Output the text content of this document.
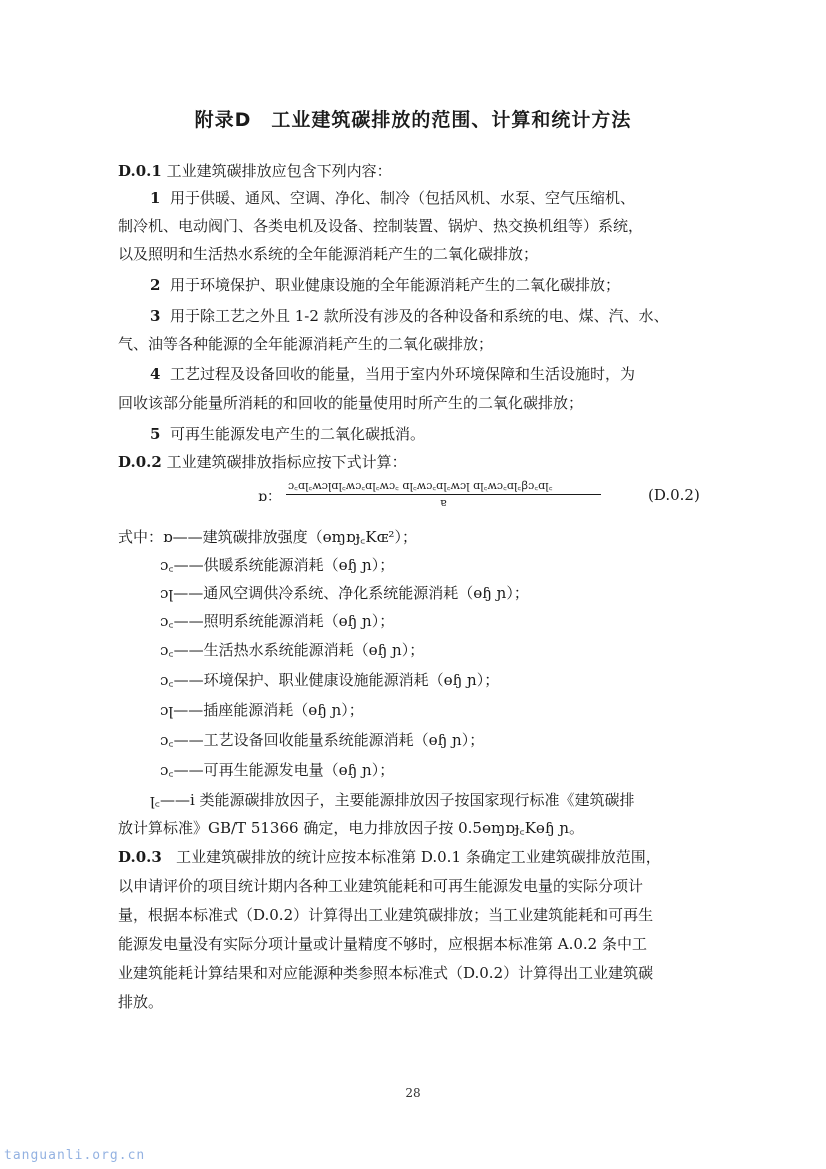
附录D　工业建筑碳排放的范围、计算和统计方法
D.0.1 工业建筑碳排放应包含下列内容：
1 用于供暖、通风、空调、净化、制冷（包括风机、水泵、空气压缩机、
制冷机、电动阀门、各类电机及设备、控制装置、锅炉、热交换机组等）系统，
以及照明和生活热水系统的全年能源消耗产生的二氧化碳排放；
2 用于环境保护、职业健康设施的全年能源消耗产生的二氧化碳排放；
3 用于除工艺之外且 1-2 款所没有涉及的各种设备和系统的电、煤、汽、水、
气、油等各种能源的全年能源消耗产生的二氧化碳排放；
4 工艺过程及设备回收的能量，当用于室内外环境保障和生活设施时，为
回收该部分能量所消耗的和回收的能量使用时所产生的二氧化碳排放；
5 可再生能源发电产生的二氧化碳抵消。
D.0.2 工业建筑碳排放指标应按下式计算：
ɒ：
ɔ꜀ɑꞁ꜀ʍɔꞁɑꞁ꜀ʍɔ꜀ɑꞁ꜀ʍɔ꜀ ɑꞁ꜀ʍɔ꜀ɑꞁ꜀ʍɔꞁ ɑꞁ꜀ʍɔ꜀ɑꞁ꜀ꞵɔ꜀ɑꞁ꜀
ɐ	(D.0.2)
式中：ɒ——建筑碳排放强度（ɵɱɒɟ꜀Kɶ²）；
ɔ꜀——供暖系统能源消耗（ɵɧ ɲ）；
ɔꞁ——通风空调供冷系统、净化系统能源消耗（ɵɧ ɲ）；
ɔ꜀——照明系统能源消耗（ɵɧ ɲ）；
ɔ꜀——生活热水系统能源消耗（ɵɧ ɲ）；
ɔ꜀——环境保护、职业健康设施能源消耗（ɵɧ ɲ）；
ɔꞁ——插座能源消耗（ɵɧ ɲ）；
ɔ꜀——工艺设备回收能量系统能源消耗（ɵɧ ɲ）；
ɔ꜀——可再生能源发电量（ɵɧ ɲ）；
ꞁ꜀——i 类能源碳排放因子，主要能源排放因子按国家现行标准《建筑碳排
放计算标准》GB/T 51366 确定，电力排放因子按 0.5ɵɱɒɟ꜀Kɵɧ ɲ。
D.0.3 工业建筑碳排放的统计应按本标准第 D.0.1 条确定工业建筑碳排放范围，
以申请评价的项目统计期内各种工业建筑能耗和可再生能源发电量的实际分项计
量，根据本标准式（D.0.2）计算得出工业建筑碳排放；当工业建筑能耗和可再生
能源发电量没有实际分项计量或计量精度不够时，应根据本标准第 A.0.2 条中工
业建筑能耗计算结果和对应能源种类参照本标准式（D.0.2）计算得出工业建筑碳
排放。
28
tanguanli.org.cn
